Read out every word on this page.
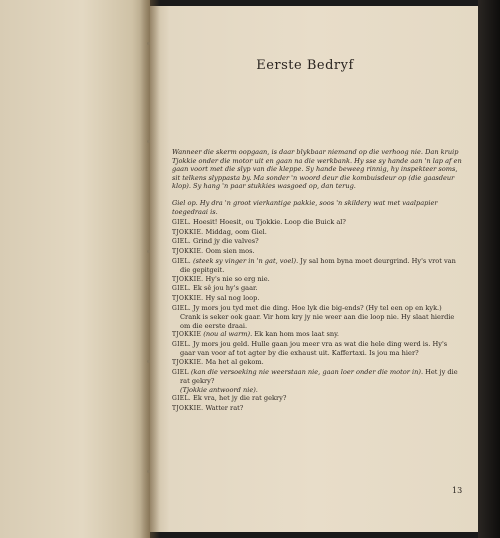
Eerste Bedryf

Wanneer die skerm oopgaan, is daar blykbaar niemand op die verhoog nie. Dan kruip Tjokkie onder die motor uit en gaan na die werkbank. Hy sse sy hande aan 'n lap af en gaan voort met die slyp van die kleppe. Sy hande beweeg rinnig, hy inspekteer soms, sit telkens slyppasta by. Ma sonder 'n woord deur die kombuisdeur op (die gaasdeur klop). Sy hang 'n paar stukkies wasgoed op, dan terug.

Giel op. Hy dra 'n groot vierkantige pakkie, soos 'n skildery wat met vaalpapier toegedraai is.

GIEL. Hoesit! Hoesit, ou Tjokkie. Loop die Buick al?

TJOKKIE. Middag, oom Giel.

GIEL. Grind jy die valves?

TJOKKIE. Oom sien mos.

GIEL. (steek sy vinger in 'n gat, voel). Jy sal hom byna moet deurgrind. Hy's vrot van die gepitgeit.

TJOKKIE. Hy's nie so erg nie.

GIEL. Ek sê jou hy's gaar.

TJOKKIE. Hy sal nog loop.

GIEL. Jy mors jou tyd met die ding. Hoe lyk die big-ends? (Hy tel een op en kyk.) Crank is seker ook gaar. Vir hom kry jy nie weer aan die loop nie. Hy slaat hierdie om die eerste draai.

TJOKKIE (nou al warm). Ek kan hom mos laat sny.

GIEL. Jy mors jou geld. Hulle gaan jou meer vra as wat die hele ding werd is. Hy's gaar van voor af tot agter by die exhaust uit. Kaffertaxi. Is jou ma hier?

TJOKKIE. Ma het al gekom.

GIEL (kan die versoeking nie weerstaan nie, gaan loer onder die motor in). Het jy die rat gekry?

(Tjokkie antwoord nie).

GIEL. Ek vra, het jy die rat gekry?

TJOKKIE. Watter rat?

13
